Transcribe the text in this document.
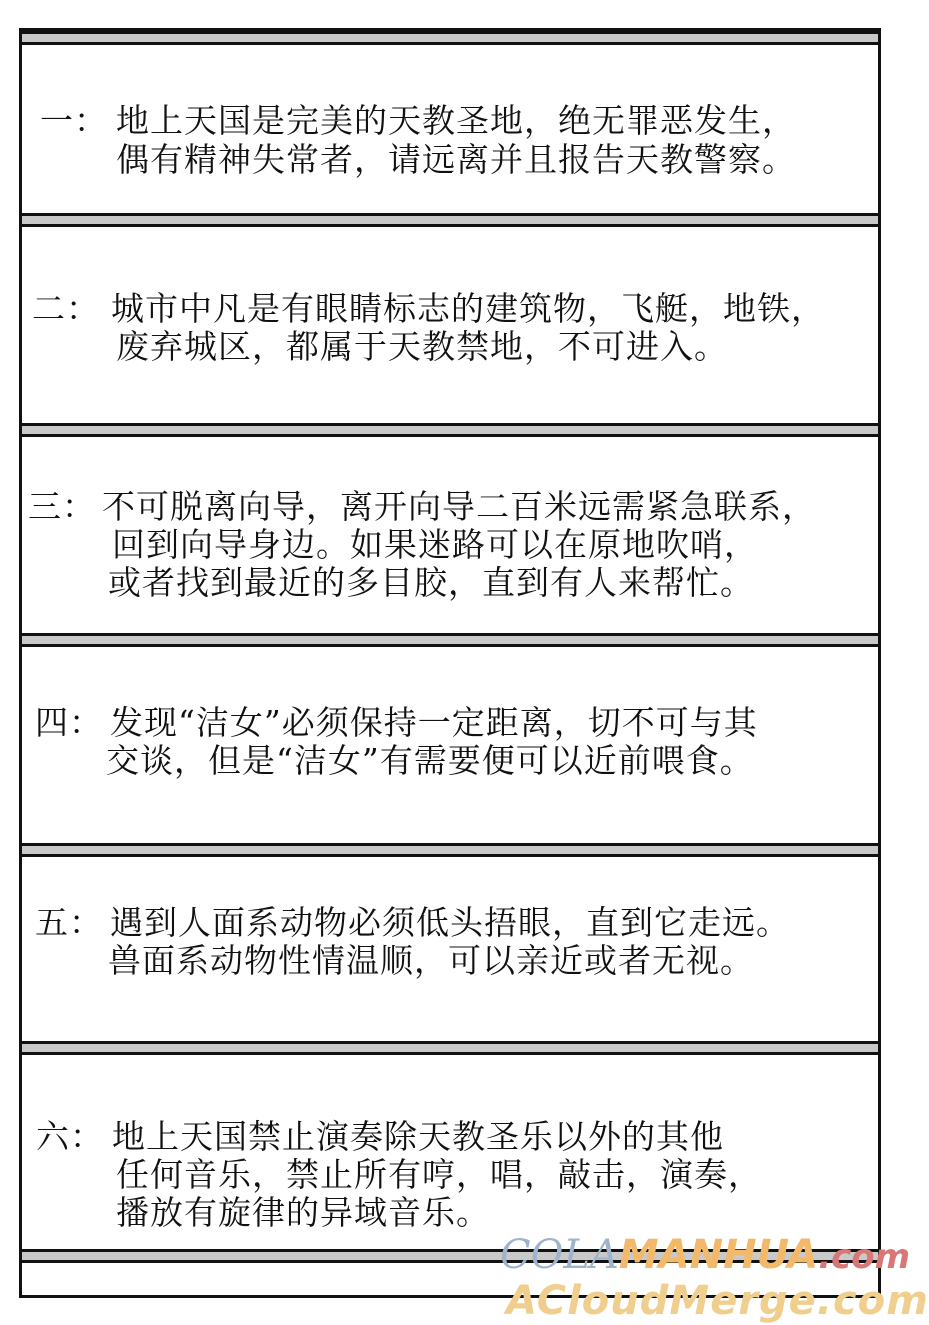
一： 地上天国是完美的天教圣地，绝无罪恶发生，
偶有精神失常者，请远离并且报告天教警察。
二： 城市中凡是有眼睛标志的建筑物，飞艇，地铁，
废弃城区，都属于天教禁地，不可进入。
三： 不可脱离向导，离开向导二百米远需紧急联系，
回到向导身边。如果迷路可以在原地吹哨，
或者找到最近的多目胶，直到有人来帮忙。
四： 发现“洁女”必须保持一定距离，切不可与其
交谈，但是“洁女”有需要便可以近前喂食。
五： 遇到人面系动物必须低头捂眼，直到它走远。
兽面系动物性情温顺，可以亲近或者无视。
六： 地上天国禁止演奏除天教圣乐以外的其他
任何音乐，禁止所有哼，唱，敲击，演奏，
播放有旋律的异域音乐。
COLAMANHUA.com
ACloudMerge.com
